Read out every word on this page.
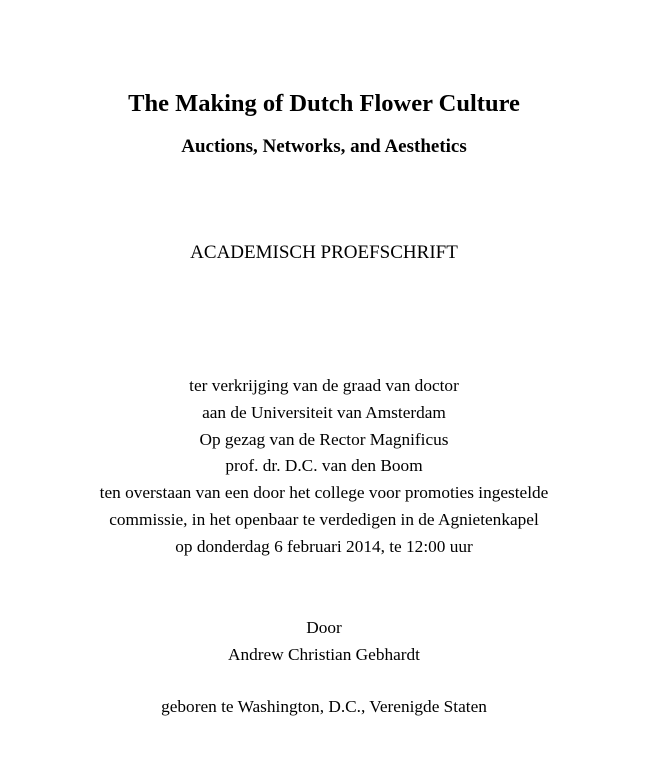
The Making of Dutch Flower Culture
Auctions, Networks, and Aesthetics
ACADEMISCH PROEFSCHRIFT
ter verkrijging van de graad van doctor
aan de Universiteit van Amsterdam
Op gezag van de Rector Magnificus
prof. dr. D.C. van den Boom
ten overstaan van een door het college voor promoties ingestelde
commissie, in het openbaar te verdedigen in de Agnietenkapel
op donderdag 6 februari 2014, te 12:00 uur
Door
Andrew Christian Gebhardt
geboren te Washington, D.C., Verenigde Staten
